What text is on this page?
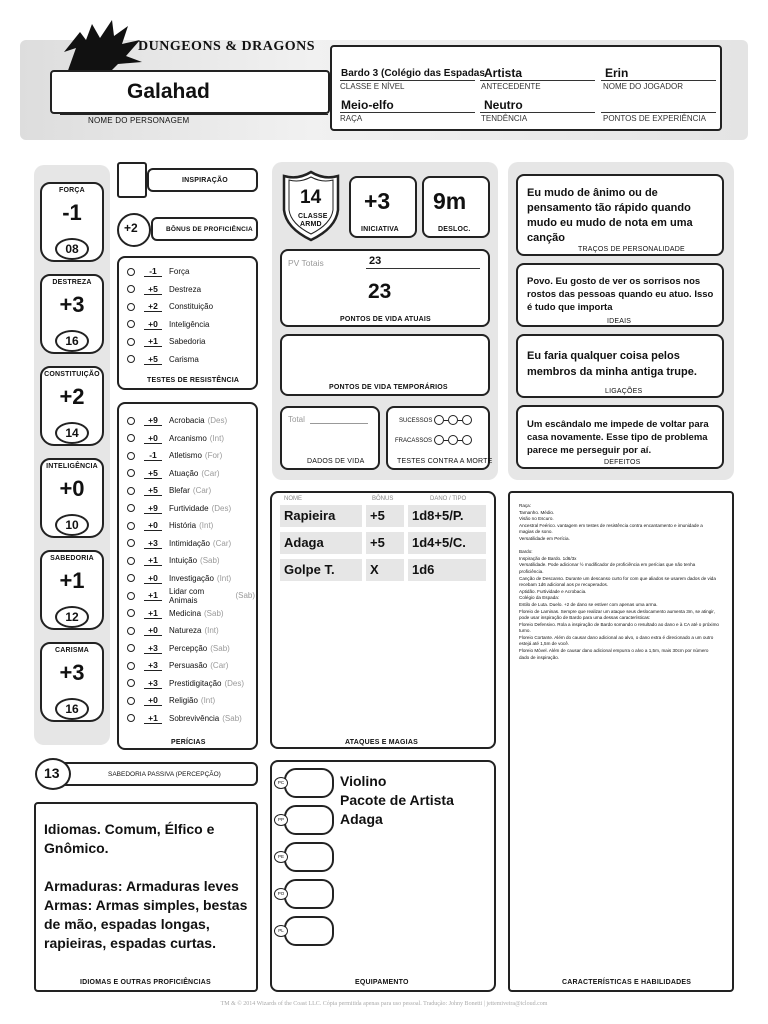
DUNGEONS & DRAGONS
Galahad
NOME DO PERSONAGEM
Bardo 3 (Colégio das Espadas
CLASSE E NÍVEL
Artista
ANTECEDENTE
Erin
NOME DO JOGADOR
Meio-elfo
RAÇA
Neutro
TENDÊNCIA	PONTOS DE EXPERIÊNCIA
FORÇA
-1
08
DESTREZA
+3
16
CONSTITUIÇÃO
+2
14
INTELIGÊNCIA
+0
10
SABEDORIA
+1
12
CARISMA
+3
16
INSPIRAÇÃO
+2	BÔNUS DE PROFICIÊNCIA
-1	Força
+5	Destreza
+2	Constituição
+0	Inteligência
+1	Sabedoria
+5	Carisma
TESTES DE RESISTÊNCIA
+9	Acrobacia (Des)
+0	Arcanismo (Int)
-1	Atletismo (For)
+5	Atuação (Car)
+5	Blefar (Car)
+9	Furtividade (Des)
+0	História (Int)
+3	Intimidação (Car)
+1	Intuição (Sab)
+0	Investigação (Int)
+1	Lidar com Animais	(Sab)
+1	Medicina (Sab)
+0	Natureza (Int)
+3	Percepção (Sab)
+3	Persuasão (Car)
+3	Prestidigitação (Des)
+0	Religião (Int)
+1	Sobrevivência (Sab)
PERÍCIAS
13	SABEDORIA PASSIVA (PERCEPÇÃO)
Idiomas. Comum, Élfico e
Gnômico.
Armaduras: Armaduras leves
Armas: Armas simples, bestas
de mão, espadas longas,
rapieiras, espadas curtas.
IDIOMAS E OUTRAS PROFICIÊNCIAS
14
CLASSE
ARMD
+3
INICIATIVA
9m
DESLOC.
PV Totais	23
23
PONTOS DE VIDA ATUAIS
PONTOS DE VIDA TEMPORÁRIOS
Total
DADOS DE VIDA
SUCESSOS
FRACASSOS
TESTES CONTRA A MORTE
Eu mudo de ânimo ou de pensamento tão rápido quando mudo eu mudo de nota em uma canção
TRAÇOS DE PERSONALIDADE
Povo. Eu gosto de ver os sorrisos nos rostos das pessoas quando eu atuo. Isso é tudo que importa
IDEAIS
Eu faria qualquer coisa pelos membros da minha antiga trupe.
LIGAÇÕES
Um escândalo me impede de voltar para casa novamente. Esse tipo de problema parece me perseguir por aí.
DEFEITOS
NOME	BÔNUS	DANO / TIPO
Rapieira	+5	1d8+5/P.
Adaga	+5	1d4+5/C.
Golpe T.	X	1d6
ATAQUES E MAGIAS
PC
PP
PE
PO
PL
Violino
Pacote de Artista
Adaga
EQUIPAMENTO
Raça:
Tamanho. Médio.
Visão no Escuro.
Ancestral Feérico. vantagem em testes de resistência contra encantamento e imunidade a
magias de sono.
Versatilidade em Perícia.
Bardo:
Inspiração de Bardo. 1d6/3x
Versatilidade. Pode adicionar ½ modificador de proficiência em perícias que não tenha
proficiência.
Canção de Descanso. Durante um descanso curto for com que aliados se usarem dados de vida
recebam 1d6 adicional aos pv recuperados.
Aptidão. Furtividade e Acrobacia.
Colégio da Espada:
Estilo de Luta. Duelo. +2 de dano se estiver com apenas uma arma.
Floreio de Laminas. Sempre que realizar um ataque seus deslocamento aumenta 3m, se atingir,
pode usar inspiração de Bardo para uma dessas características:
Floreio Defensivo. Rola a inspiração de Bardo somando o resultado ao dano e à CA até o próximo
turno.
Floreio Cortante. Além do causar dano adicional ao alvo, o dano extra é direcionado a um outro
estejá até 1,5m de você.
Floreio Móvel. Além de causar dano adicional empurra o alvo a 1,5m, mais 30cm por número
dado de inspiração.
CARACTERÍSTICAS E HABILIDADES
TM & © 2014 Wizards of the Coast LLC. Cópia permitida apenas para uso pessoal. Tradução: Johny Bonetti | jettemiveira@icloud.com
